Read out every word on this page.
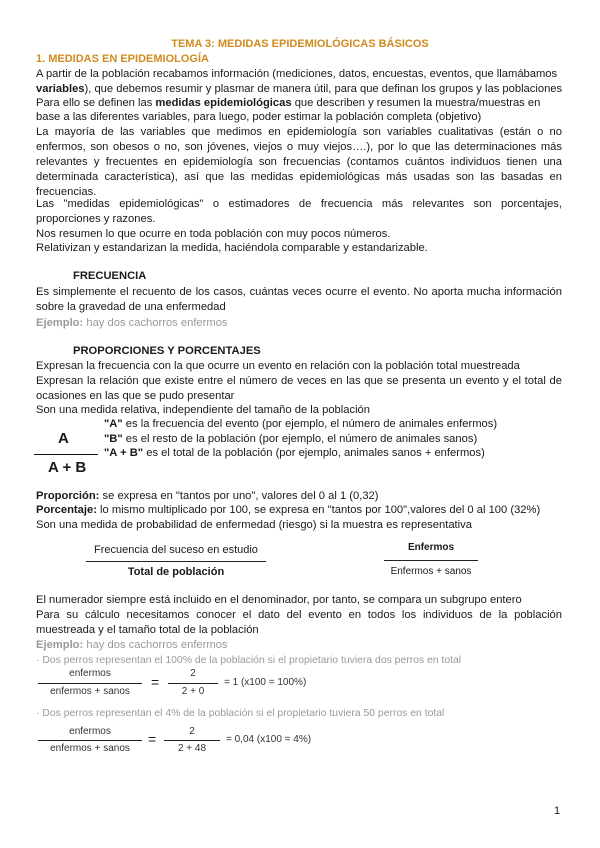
TEMA 3: MEDIDAS EPIDEMIOLÓGICAS BÁSICOS
1. MEDIDAS EN EPIDEMIOLOGÍA
A partir de la población recabamos información (mediciones, datos, encuestas, eventos, que llamábamos
variables), que debemos resumir y plasmar de manera útil, para que definan los grupos y las poblaciones
Para ello se definen las medidas epidemiológicas que describen y resumen la muestra/muestras en
base a las diferentes variables, para luego, poder estimar la población completa (objetivo)
La mayoría de las variables que medimos en epidemiología son variables cualitativas (están o no enfermos, son obesos o no, son jóvenes, viejos o muy viejos….), por lo que las determinaciones más relevantes y frecuentes en epidemiología son frecuencias (contamos cuántos individuos tienen una determinada característica), así que las medidas epidemiológicas más usadas son las basadas en frecuencias.
Las "medidas epidemiológicas" o estimadores de frecuencia más relevantes son porcentajes, proporciones y razones.
Nos resumen lo que ocurre en toda población con muy pocos números.
Relativizan y estandarizan la medida, haciéndola comparable y estandarizable.
FRECUENCIA
Es simplemente el recuento de los casos, cuántas veces ocurre el evento. No aporta mucha información sobre la gravedad de una enfermedad
Ejemplo: hay dos cachorros enfermos
PROPORCIONES Y PORCENTAJES
Expresan la frecuencia con la que ocurre un evento en relación con la población total muestreada
Expresan la relación que existe entre el número de veces en las que se presenta un evento y el total de ocasiones en las que se pudo presentar
Son una medida relativa, independiente del tamaño de la población
A
A + B
"A" es la frecuencia del evento (por ejemplo, el número de animales enfermos)
"B" es el resto de la población (por ejemplo, el número de animales sanos)
"A + B" es el total de la población (por ejemplo, animales sanos + enfermos)
Proporción: se expresa en "tantos por uno", valores del 0 al 1 (0,32)
Porcentaje: lo mismo multiplicado por 100, se expresa en "tantos por 100",valores del 0 al 100 (32%)
Son una medida de probabilidad de enfermedad (riesgo) si la muestra es representativa
Frecuencia del suceso en estudio
Total de población
Enfermos
Enfermos + sanos
El numerador siempre está incluido en el denominador, por tanto, se compara un subgrupo entero
Para su cálculo necesitamos conocer el dato del evento en todos los individuos de la población muestreada y el tamaño total de la población
Ejemplo: hay dos cachorros enfermos
· Dos perros representan el 100% de la población si el propietario tuviera dos perros en total
enfermos
enfermos + sanos
=
2
2 + 0
= 1 (x100 = 100%)
· Dos perros representan el 4% de la población si el propietario tuviera 50 perros en total
enfermos
enfermos + sanos
=	2
2 + 48
= 0,04 (x100 = 4%)
1
